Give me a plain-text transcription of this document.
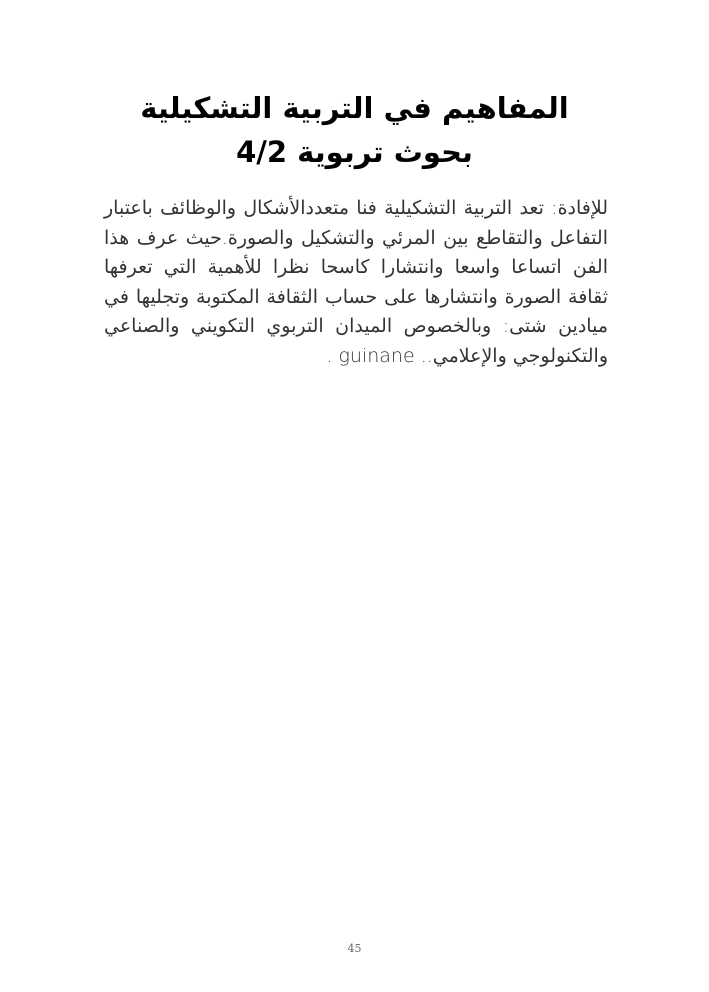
المفاهيم في التربية التشكيلية
بحوث تربوية 4/2

للإفادة: تعد التربية التشكيلية فنا متعددالأشكال والوظائف باعتبار التفاعل والتقاطع بين المرئي والتشكيل والصورة.حيث عرف هذا الفن اتساعا واسعا وانتشارا كاسحا نظرا للأهمية التي تعرفها ثقافة الصورة وانتشارها على حساب الثقافة المكتوبة وتجليها في ميادين شتى: وبالخصوص الميدان التربوي التكويني والصناعي والتكنولوجي والإعلامي.. guinane .

45
